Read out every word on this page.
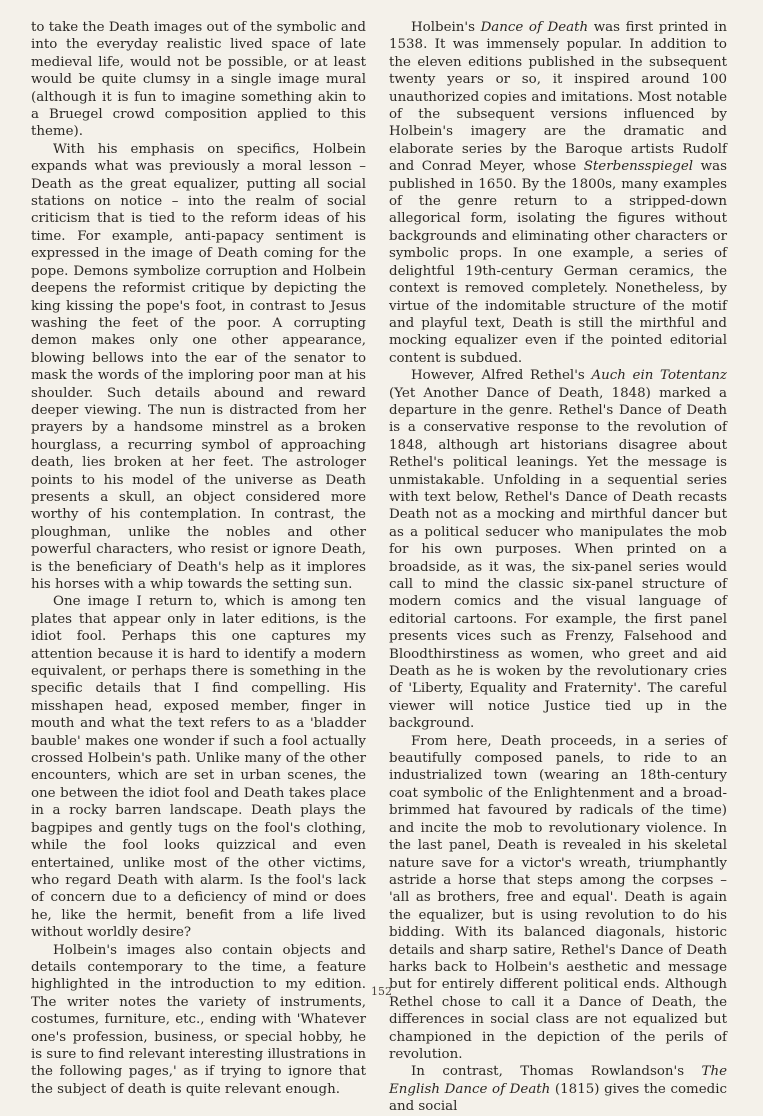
to take the Death images out of the symbolic and into the everyday realistic lived space of late medieval life, would not be possible, or at least would be quite clumsy in a single image mural (although it is fun to imagine something akin to a Bruegel crowd composition applied to this theme).

With his emphasis on specifics, Holbein expands what was previously a moral lesson – Death as the great equalizer, putting all social stations on notice – into the realm of social criticism that is tied to the reform ideas of his time. For example, anti-papacy sentiment is expressed in the image of Death coming for the pope. Demons symbolize corruption and Holbein deepens the reformist critique by depicting the king kissing the pope's foot, in contrast to Jesus washing the feet of the poor. A corrupting demon makes only one other appearance, blowing bellows into the ear of the senator to mask the words of the imploring poor man at his shoulder. Such details abound and reward deeper viewing. The nun is distracted from her prayers by a handsome minstrel as a broken hourglass, a recurring symbol of approaching death, lies broken at her feet. The astrologer points to his model of the universe as Death presents a skull, an object considered more worthy of his contemplation. In contrast, the ploughman, unlike the nobles and other powerful characters, who resist or ignore Death, is the beneficiary of Death's help as it implores his horses with a whip towards the setting sun.

One image I return to, which is among ten plates that appear only in later editions, is the idiot fool. Perhaps this one captures my attention because it is hard to identify a modern equivalent, or perhaps there is something in the specific details that I find compelling. His misshapen head, exposed member, finger in mouth and what the text refers to as a 'bladder bauble' makes one wonder if such a fool actually crossed Holbein's path. Unlike many of the other encounters, which are set in urban scenes, the one between the idiot fool and Death takes place in a rocky barren landscape. Death plays the bagpipes and gently tugs on the fool's clothing, while the fool looks quizzical and even entertained, unlike most of the other victims, who regard Death with alarm. Is the fool's lack of concern due to a deficiency of mind or does he, like the hermit, benefit from a life lived without worldly desire?

Holbein's images also contain objects and details contemporary to the time, a feature highlighted in the introduction to my edition. The writer notes the variety of instruments, costumes, furniture, etc., ending with 'Whatever one's profession, business, or special hobby, he is sure to find relevant interesting illustrations in the following pages,' as if trying to ignore that the subject of death is quite relevant enough.

Holbein's Dance of Death was first printed in 1538. It was immensely popular. In addition to the eleven editions published in the subsequent twenty years or so, it inspired around 100 unauthorized copies and imitations. Most notable of the subsequent versions influenced by Holbein's imagery are the dramatic and elaborate series by the Baroque artists Rudolf and Conrad Meyer, whose Sterbensspiegel was published in 1650. By the 1800s, many examples of the genre return to a stripped-down allegorical form, isolating the figures without backgrounds and eliminating other characters or symbolic props. In one example, a series of delightful 19th-century German ceramics, the context is removed completely. Nonetheless, by virtue of the indomitable structure of the motif and playful text, Death is still the mirthful and mocking equalizer even if the pointed editorial content is subdued.

However, Alfred Rethel's Auch ein Totentanz (Yet Another Dance of Death, 1848) marked a departure in the genre. Rethel's Dance of Death is a conservative response to the revolution of 1848, although art historians disagree about Rethel's political leanings. Yet the message is unmistakable. Unfolding in a sequential series with text below, Rethel's Dance of Death recasts Death not as a mocking and mirthful dancer but as a political seducer who manipulates the mob for his own purposes. When printed on a broadside, as it was, the six-panel series would call to mind the classic six-panel structure of modern comics and the visual language of editorial cartoons. For example, the first panel presents vices such as Frenzy, Falsehood and Bloodthirstiness as women, who greet and aid Death as he is woken by the revolutionary cries of 'Liberty, Equality and Fraternity'. The careful viewer will notice Justice tied up in the background.

From here, Death proceeds, in a series of beautifully composed panels, to ride to an industrialized town (wearing an 18th-century coat symbolic of the Enlightenment and a broad-brimmed hat favoured by radicals of the time) and incite the mob to revolutionary violence. In the last panel, Death is revealed in his skeletal nature save for a victor's wreath, triumphantly astride a horse that steps among the corpses – 'all as brothers, free and equal'. Death is again the equalizer, but is using revolution to do his bidding. With its balanced diagonals, historic details and sharp satire, Rethel's Dance of Death harks back to Holbein's aesthetic and message but for entirely different political ends. Although Rethel chose to call it a Dance of Death, the differences in social class are not equalized but championed in the depiction of the perils of revolution.

In contrast, Thomas Rowlandson's The English Dance of Death (1815) gives the comedic and social

152
